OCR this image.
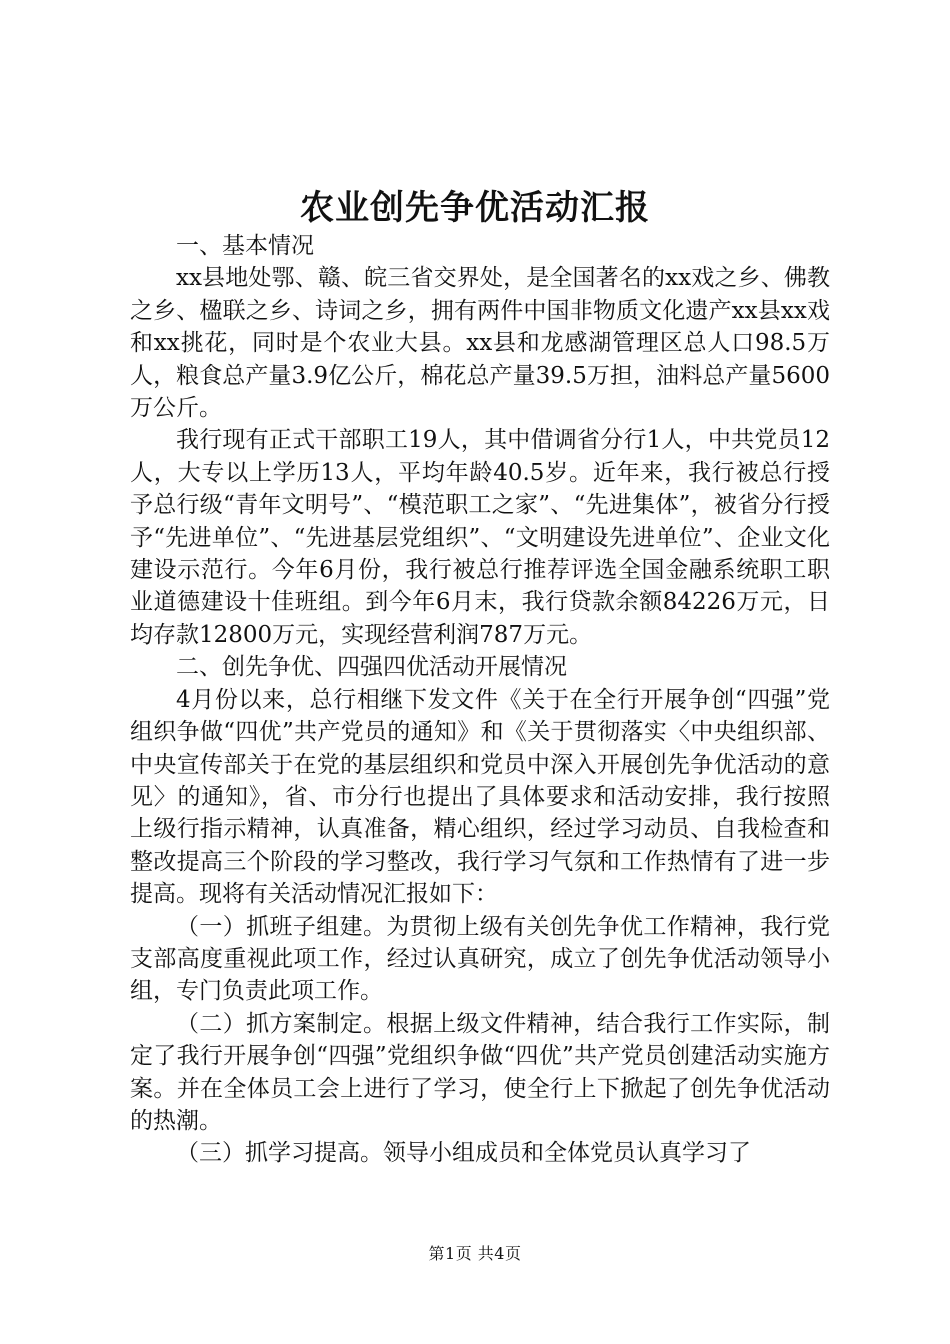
农业创先争优活动汇报

一、基本情况

xx县地处鄂、赣、皖三省交界处，是全国著名的xx戏之乡、佛教之乡、楹联之乡、诗词之乡，拥有两件中国非物质文化遗产xx县xx戏和xx挑花，同时是个农业大县。xx县和龙感湖管理区总人口98.5万人，粮食总产量3.9亿公斤，棉花总产量39.5万担，油料总产量5600万公斤。

我行现有正式干部职工19人，其中借调省分行1人，中共党员12人，大专以上学历13人，平均年龄40.5岁。近年来，我行被总行授予总行级“青年文明号”、“模范职工之家”、“先进集体”，被省分行授予“先进单位”、“先进基层党组织”、“文明建设先进单位”、企业文化建设示范行。今年6月份，我行被总行推荐评选全国金融系统职工职业道德建设十佳班组。到今年6月末，我行贷款余额84226万元，日均存款12800万元，实现经营利润787万元。

二、创先争优、四强四优活动开展情况

4月份以来，总行相继下发文件《关于在全行开展争创“四强”党组织争做“四优”共产党员的通知》和《关于贯彻落实〈中央组织部、中央宣传部关于在党的基层组织和党员中深入开展创先争优活动的意见〉的通知》，省、市分行也提出了具体要求和活动安排，我行按照上级行指示精神，认真准备，精心组织，经过学习动员、自我检查和整改提高三个阶段的学习整改，我行学习气氛和工作热情有了进一步提高。现将有关活动情况汇报如下：

（一）抓班子组建。为贯彻上级有关创先争优工作精神，我行党支部高度重视此项工作，经过认真研究，成立了创先争优活动领导小组，专门负责此项工作。

（二）抓方案制定。根据上级文件精神，结合我行工作实际，制定了我行开展争创“四强”党组织争做“四优”共产党员创建活动实施方案。并在全体员工会上进行了学习，使全行上下掀起了创先争优活动的热潮。

（三）抓学习提高。领导小组成员和全体党员认真学习了

第1页 共4页
